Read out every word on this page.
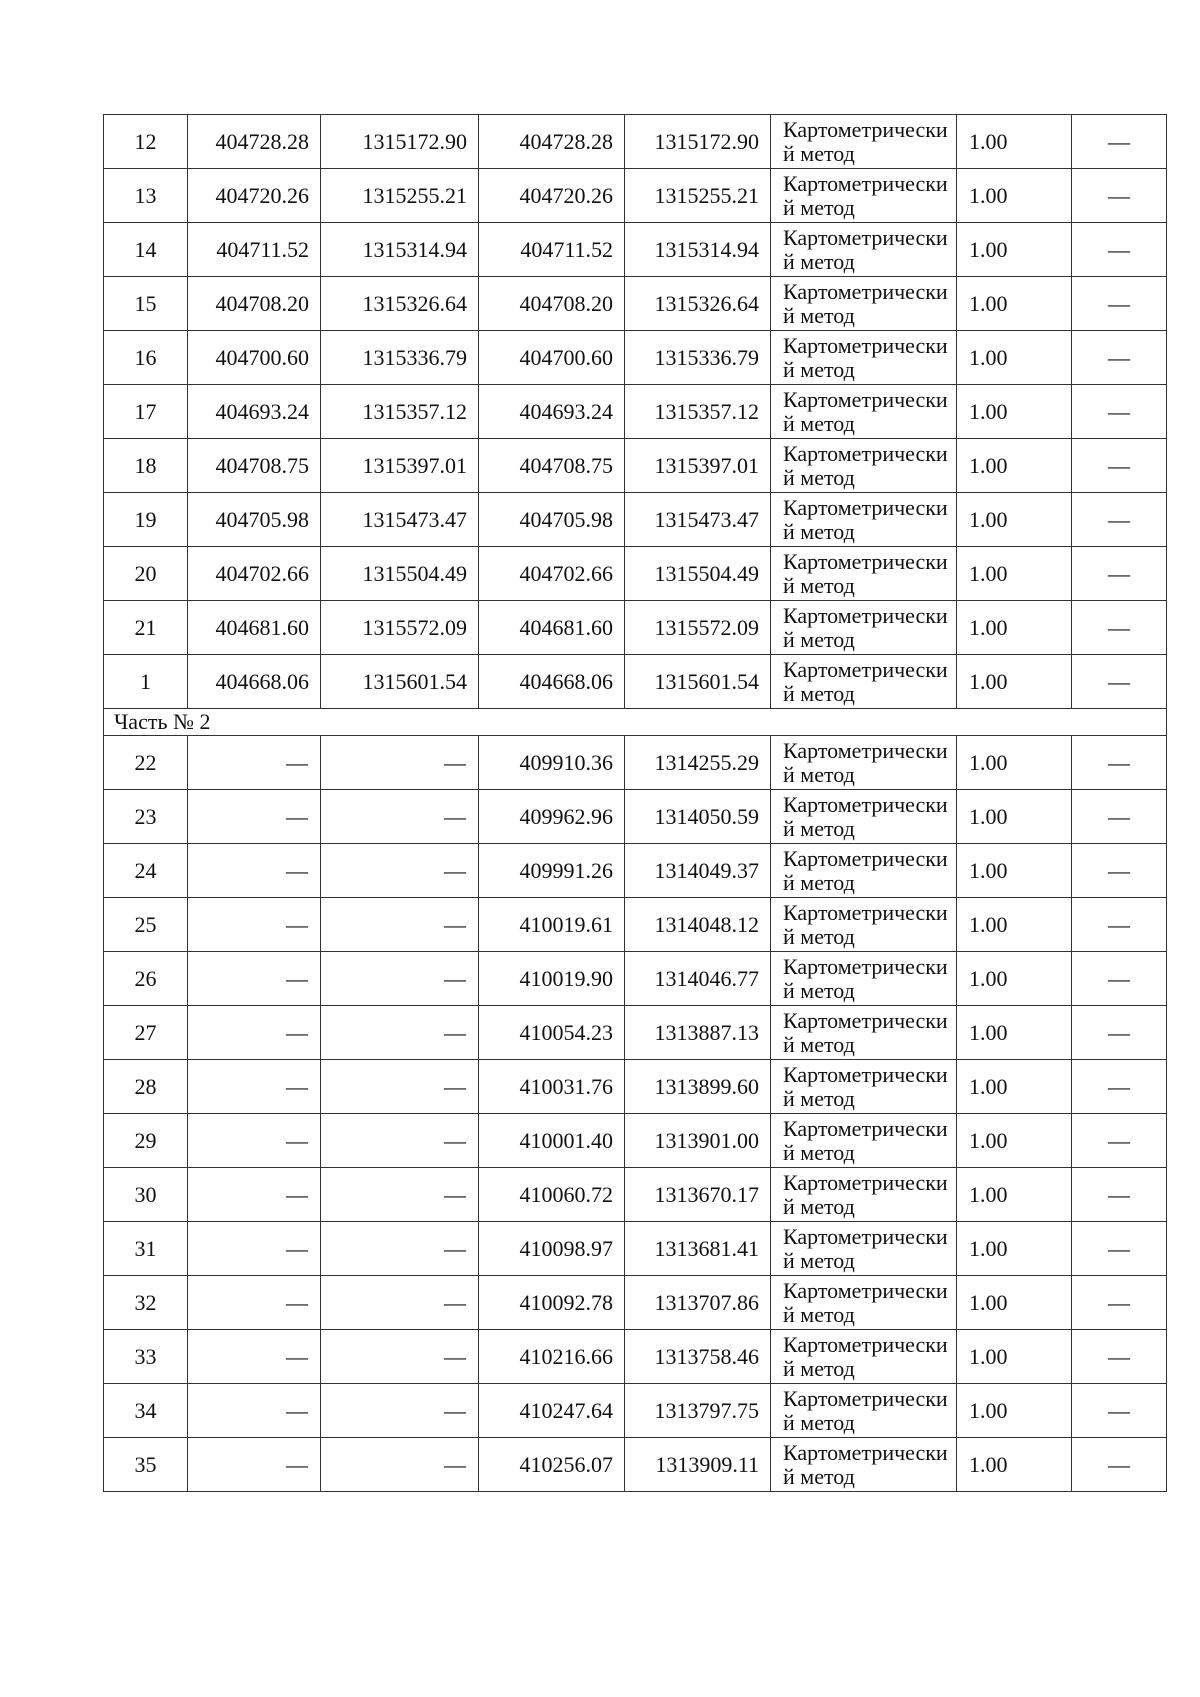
12	404728.28	1315172.90	404728.28	1315172.90	Картометрический метод	1.00	—
13	404720.26	1315255.21	404720.26	1315255.21	Картометрический метод	1.00	—
14	404711.52	1315314.94	404711.52	1315314.94	Картометрический метод	1.00	—
15	404708.20	1315326.64	404708.20	1315326.64	Картометрический метод	1.00	—
16	404700.60	1315336.79	404700.60	1315336.79	Картометрический метод	1.00	—
17	404693.24	1315357.12	404693.24	1315357.12	Картометрический метод	1.00	—
18	404708.75	1315397.01	404708.75	1315397.01	Картометрический метод	1.00	—
19	404705.98	1315473.47	404705.98	1315473.47	Картометрический метод	1.00	—
20	404702.66	1315504.49	404702.66	1315504.49	Картометрический метод	1.00	—
21	404681.60	1315572.09	404681.60	1315572.09	Картометрический метод	1.00	—
1	404668.06	1315601.54	404668.06	1315601.54	Картометрический метод	1.00	—
Часть № 2							
22	—	—	409910.36	1314255.29	Картометрический метод	1.00	—
23	—	—	409962.96	1314050.59	Картометрический метод	1.00	—
24	—	—	409991.26	1314049.37	Картометрический метод	1.00	—
25	—	—	410019.61	1314048.12	Картометрический метод	1.00	—
26	—	—	410019.90	1314046.77	Картометрический метод	1.00	—
27	—	—	410054.23	1313887.13	Картометрический метод	1.00	—
28	—	—	410031.76	1313899.60	Картометрический метод	1.00	—
29	—	—	410001.40	1313901.00	Картометрический метод	1.00	—
30	—	—	410060.72	1313670.17	Картометрический метод	1.00	—
31	—	—	410098.97	1313681.41	Картометрический метод	1.00	—
32	—	—	410092.78	1313707.86	Картометрический метод	1.00	—
33	—	—	410216.66	1313758.46	Картометрический метод	1.00	—
34	—	—	410247.64	1313797.75	Картометрический метод	1.00	—
35	—	—	410256.07	1313909.11	Картометрический метод	1.00	—
